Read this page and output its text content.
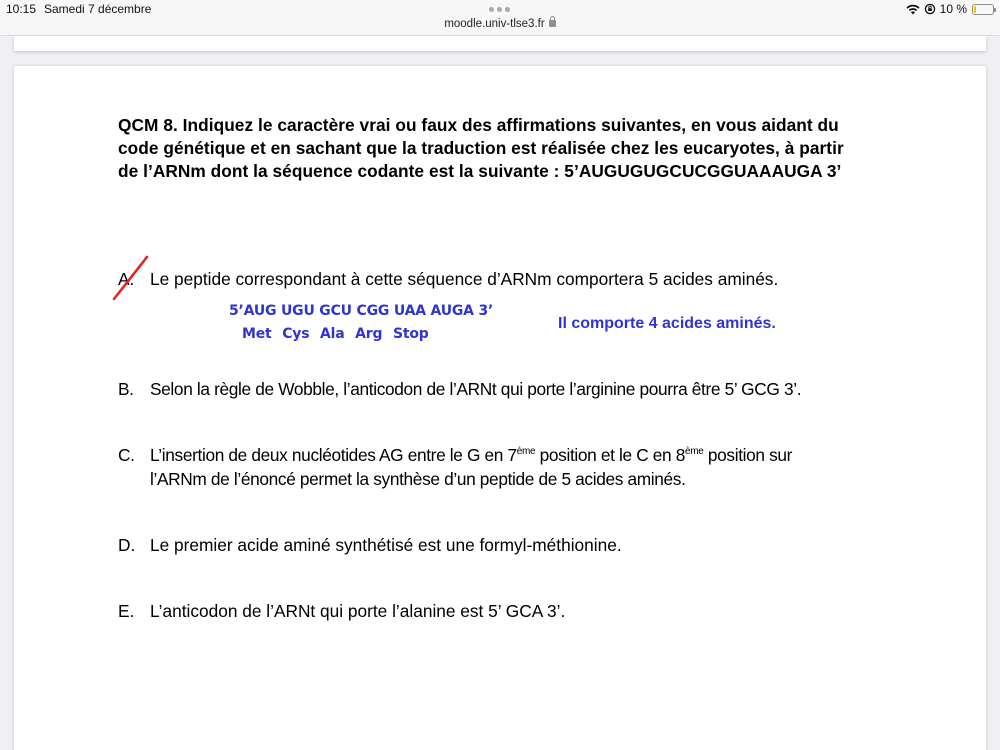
10:15 Samedi 7 décembre
moodle.univ-tlse3.fr
10 %
QCM 8. Indiquez le caractère vrai ou faux des affirmations suivantes, en vous aidant du
code génétique et en sachant que la traduction est réalisée chez les eucaryotes, à partir
de l’ARNm dont la séquence codante est la suivante : 5’AUGUGUGCUCGGUAAAUGA 3’
A. Le peptide correspondant à cette séquence d’ARNm comportera 5 acides aminés.
5’AUG UGU GCU CGG UAA AUGA 3’
Met Cys Ala Arg Stop
Il comporte 4 acides aminés.
B. Selon la règle de Wobble, l’anticodon de l’ARNt qui porte l’arginine pourra être 5’ GCG 3’.
C. L’insertion de deux nucléotides AG entre le G en 7ème position et le C en 8ème position sur
l’ARNm de l’énoncé permet la synthèse d’un peptide de 5 acides aminés.
D. Le premier acide aminé synthétisé est une formyl-méthionine.
E. L’anticodon de l’ARNt qui porte l’alanine est 5’ GCA 3’.
